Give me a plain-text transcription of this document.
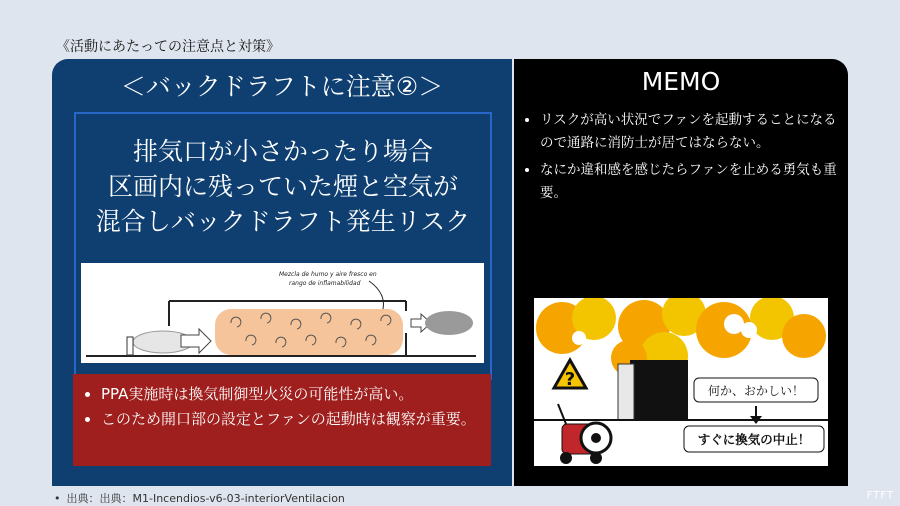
《活動にあたっての注意点と対策》
＜バックドラフトに注意②＞
排気口が小さかったり場合
区画内に残っていた煙と空気が
混合しバックドラフト発生リスク
Mezcla de humo y aire fresco en
rango de inflamabilidad
• PPA実施時は換気制御型火災の可能性が高い。
• このため開口部の設定とファンの起動時は観察が重要。
MEMO
• リスクが高い状況でファンを起動することになるので通路に消防士が居てはならない。
• なにか違和感を感じたらファンを止める勇気も重要。
?
何か、おかしい！
すぐに換気の中止！
• 出典：出典：M1-Incendios-v6-03-interiorVentilacion	FTFT
